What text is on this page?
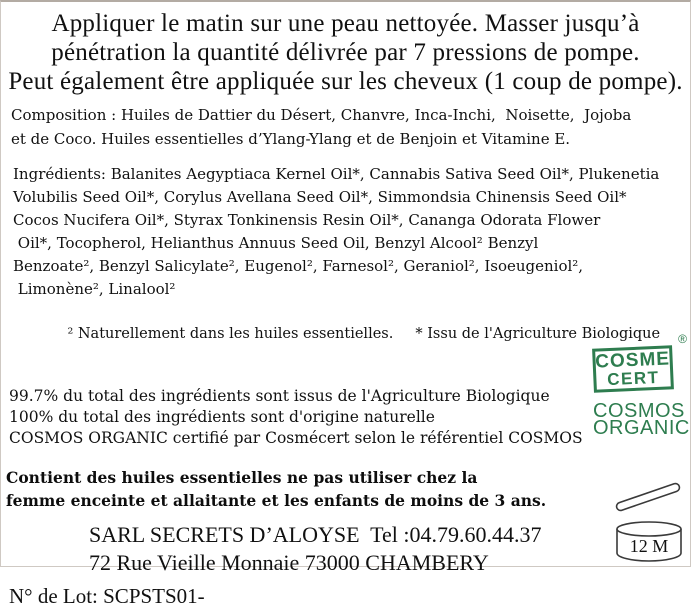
Appliquer le matin sur une peau nettoyée. Masser jusqu’à
pénétration la quantité délivrée par 7 pressions de pompe.
Peut également être appliquée sur les cheveux (1 coup de pompe).
Composition : Huiles de Dattier du Désert, Chanvre, Inca-Inchi,  Noisette,  Jojoba
et de Coco. Huiles essentielles d’Ylang-Ylang et de Benjoin et Vitamine E.
Ingrédients: Balanites Aegyptiaca Kernel Oil*, Cannabis Sativa Seed Oil*, Plukenetia
Volubilis Seed Oil*, Corylus Avellana Seed Oil*, Simmondsia Chinensis Seed Oil*
Cocos Nucifera Oil*, Styrax Tonkinensis Resin Oil*, Cananga Odorata Flower
Oil*, Tocopherol, Helianthus Annuus Seed Oil, Benzyl Alcool² Benzyl
Benzoate², Benzyl Salicylate², Eugenol², Farnesol², Geraniol², Isoeugeniol²,
Limonène², Linalool²

² Naturellement dans les huiles essentielles. * Issu de l'Agriculture Biologique

99.7% du total des ingrédients sont issus de l'Agriculture Biologique
100% du total des ingrédients sont d'origine naturelle
COSMOS ORGANIC certifié par Cosmécert selon le référentiel COSMOS
Contient des huiles essentielles ne pas utiliser chez la
femme enceinte et allaitante et les enfants de moins de 3 ans.
SARL SECRETS D’ALOYSE  Tel :04.79.60.44.37
72 Rue Vieille Monnaie 73000 CHAMBERY
N° de Lot: SCPSTS01-
®
COSME
CERT
COSMOS
ORGANIC
12 M
